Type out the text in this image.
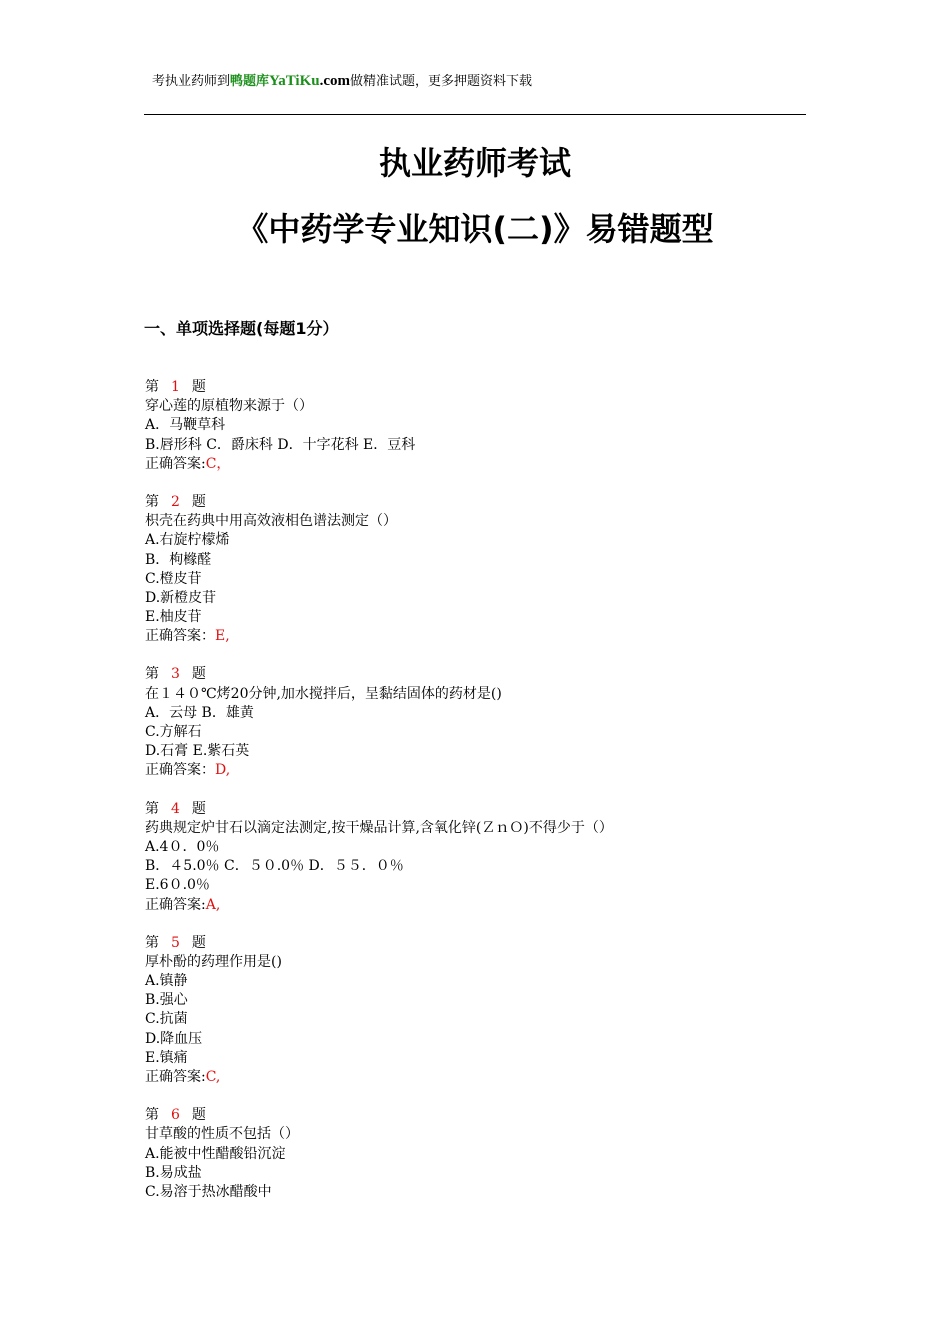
考执业药师到鸭题库YaTiKu.com做精准试题，更多押题资料下载
执业药师考试
《中药学专业知识(二)》易错题型
一、单项选择题(每题1分）
第 1 题
穿心莲的原植物来源于（）
A．马鞭草科
B.唇形科 C．爵床科 D．十字花科 E．豆科
正确答案:C，
第 2 题
枳壳在药典中用高效液相色谱法测定（）
A.右旋柠檬烯
B．枸橼醛
C.橙皮苷
D.新橙皮苷
E.柚皮苷
正确答案：E,
第 3 题
在１４０℃烤20分钟,加水搅拌后，呈黏结固体的药材是()
A．云母 B．雄黄
C.方解石
D.石膏 E.紫石英
正确答案：D,
第 4 题
药典规定炉甘石以滴定法测定,按干燥品计算,含氧化锌(ＺｎＯ)不得少于（）
A.4０．0％
B．４5.0％ C．５０.0％ D．５５．０％
E.6０.0％
正确答案:A,
第 5 题
厚朴酚的药理作用是()
A.镇静
B.强心
C.抗菌
D.降血压
E.镇痛
正确答案:C,
第 6 题
甘草酸的性质不包括（）
A.能被中性醋酸铅沉淀
B.易成盐
C.易溶于热冰醋酸中
